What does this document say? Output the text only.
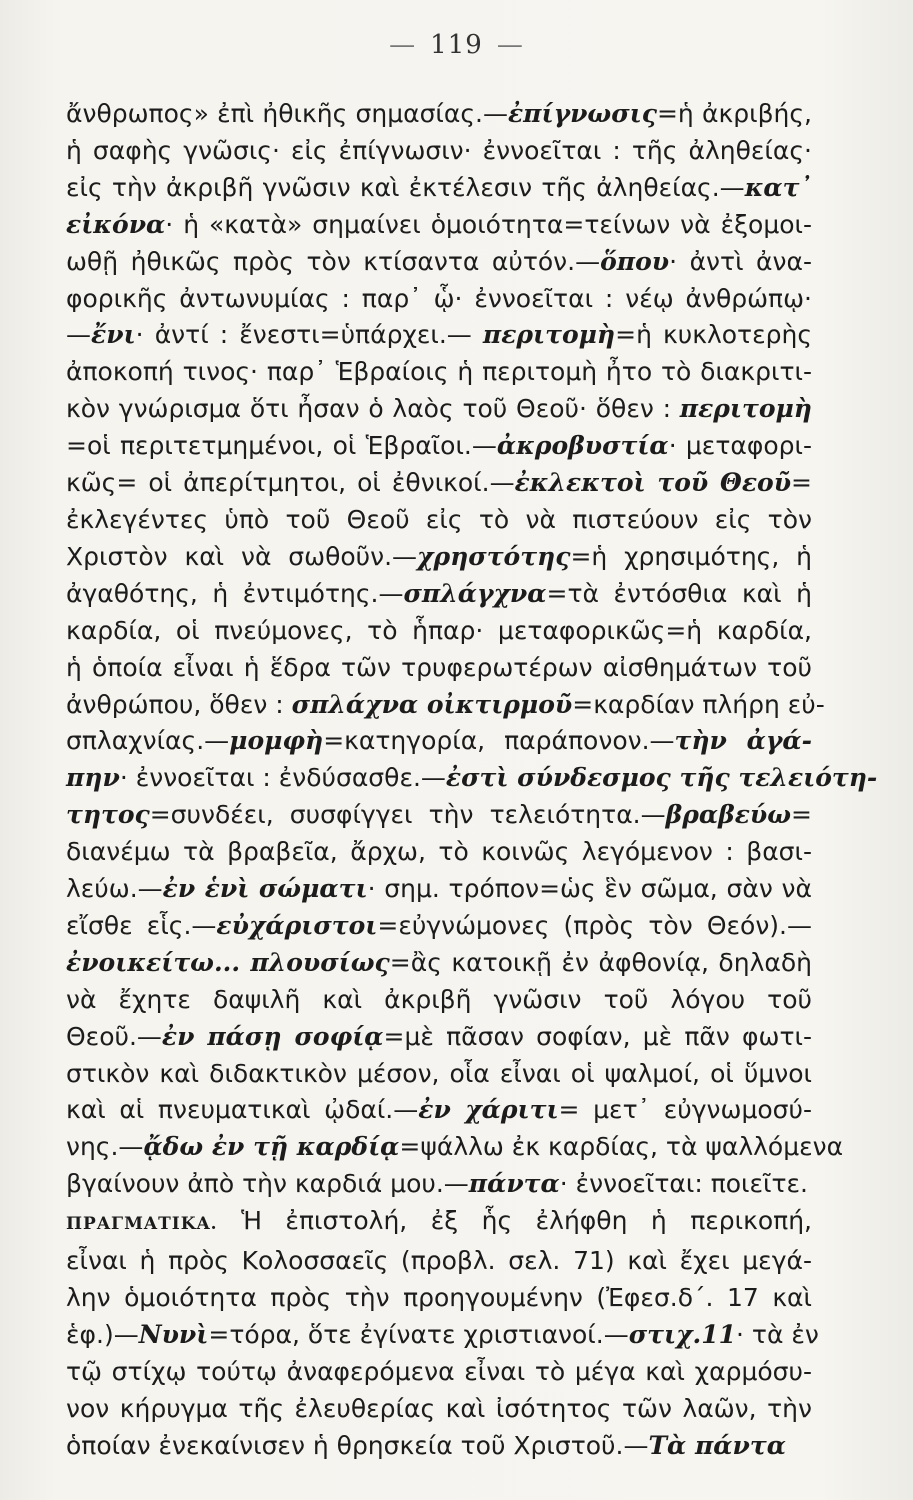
— 119 —
ἄνθρωπος» ἐπὶ ἠθικῆς σημασίας.—ἐπίγνωσις=ἡ ἀκριβής,
ἡ σαφὴς γνῶσις· εἰς ἐπίγνωσιν· ἐννοεῖται : τῆς ἀληθείας·
εἰς τὴν ἀκριβῆ γνῶσιν καὶ ἐκτέλεσιν τῆς ἀληθείας.—κατ᾿
εἰκόνα· ἡ «κατὰ» σημαίνει ὁμοιότητα=τείνων νὰ ἐξομοι-
ωθῇ ἠθικῶς πρὸς τὸν κτίσαντα αὐτόν.—ὅπου· ἀντὶ ἀνα-
φορικῆς ἀντωνυμίας : παρ᾿ ᾧ· ἐννοεῖται : νέῳ ἀνθρώπῳ·
—ἔνι· ἀντί : ἔνεστι=ὑπάρχει.— περιτομὴ=ἡ κυκλοτερὴς
ἀποκοπή τινος· παρ᾿ Ἑβραίοις ἡ περιτομὴ ἦτο τὸ διακριτι-
κὸν γνώρισμα ὅτι ἦσαν ὁ λαὸς τοῦ Θεοῦ· ὅθεν : περιτομὴ
=οἱ περιτετμημένοι, οἱ Ἑβραῖοι.—ἀκροβυστία· μεταφορι-
κῶς= οἱ ἀπερίτμητοι, οἱ ἐθνικοί.—ἐκλεκτοὶ τοῦ Θεοῦ=
ἐκλεγέντες ὑπὸ τοῦ Θεοῦ εἰς τὸ νὰ πιστεύουν εἰς τὸν
Χριστὸν καὶ νὰ σωθοῦν.—χρηστότης=ἡ χρησιμότης, ἡ
ἀγαθότης, ἡ ἐντιμότης.—σπλάγχνα=τὰ ἐντόσθια καὶ ἡ
καρδία, οἱ πνεύμονες, τὸ ἧπαρ· μεταφορικῶς=ἡ καρδία,
ἡ ὁποία εἶναι ἡ ἕδρα τῶν τρυφερωτέρων αἰσθημάτων τοῦ
ἀνθρώπου, ὅθεν : σπλάχνα οἰκτιρμοῦ=καρδίαν πλήρη εὐ-
σπλαχνίας.—μομφὴ=κατηγορία, παράπονον.—τὴν ἀγά-
πην· ἐννοεῖται : ἐνδύσασθε.—ἐστὶ σύνδεσμος τῆς τελειότη-
τητος=συνδέει, συσφίγγει τὴν τελειότητα.—βραβεύω=
διανέμω τὰ βραβεῖα, ἄρχω, τὸ κοινῶς λεγόμενον : βασι-
λεύω.—ἐν ἑνὶ σώματι· σημ. τρόπον=ὡς ἓν σῶμα, σὰν νὰ
εἴσθε εἷς.—εὐχάριστοι=εὐγνώμονες (πρὸς τὸν Θεόν).—
ἐνοικείτω... πλουσίως=ἂς κατοικῇ ἐν ἀφθονίᾳ, δηλαδὴ
νὰ ἔχητε δαψιλῆ καὶ ἀκριβῆ γνῶσιν τοῦ λόγου τοῦ
Θεοῦ.—ἐν πάσῃ σοφίᾳ=μὲ πᾶσαν σοφίαν, μὲ πᾶν φωτι-
στικὸν καὶ διδακτικὸν μέσον, οἷα εἶναι οἱ ψαλμοί, οἱ ὕμνοι
καὶ αἱ πνευματικαὶ ᾠδαί.—ἐν χάριτι= μετ᾿ εὐγνωμοσύ-
νης.—ᾄδω ἐν τῇ καρδίᾳ=ψάλλω ἐκ καρδίας, τὰ ψαλλόμενα
βγαίνουν ἀπὸ τὴν καρδιά μου.—πάντα· ἐννοεῖται: ποιεῖτε.
ΠΡΑΓΜΑΤΙΚΑ. Ἡ ἐπιστολή, ἐξ ἧς ἐλήφθη ἡ περικοπή,
εἶναι ἡ πρὸς Κολοσσαεῖς (προβλ. σελ. 71) καὶ ἔχει μεγά-
λην ὁμοιότητα πρὸς τὴν προηγουμένην (Ἐφεσ.δ΄. 17 καὶ
ἑφ.)—Νυνὶ=τόρα, ὅτε ἐγίνατε χριστιανοί.—στιχ.11· τὰ ἐν
τῷ στίχῳ τούτῳ ἀναφερόμενα εἶναι τὸ μέγα καὶ χαρμόσυ-
νον κήρυγμα τῆς ἐλευθερίας καὶ ἰσότητος τῶν λαῶν, τὴν
ὁποίαν ἐνεκαίνισεν ἡ θρησκεία τοῦ Χριστοῦ.—Τὰ πάντα
